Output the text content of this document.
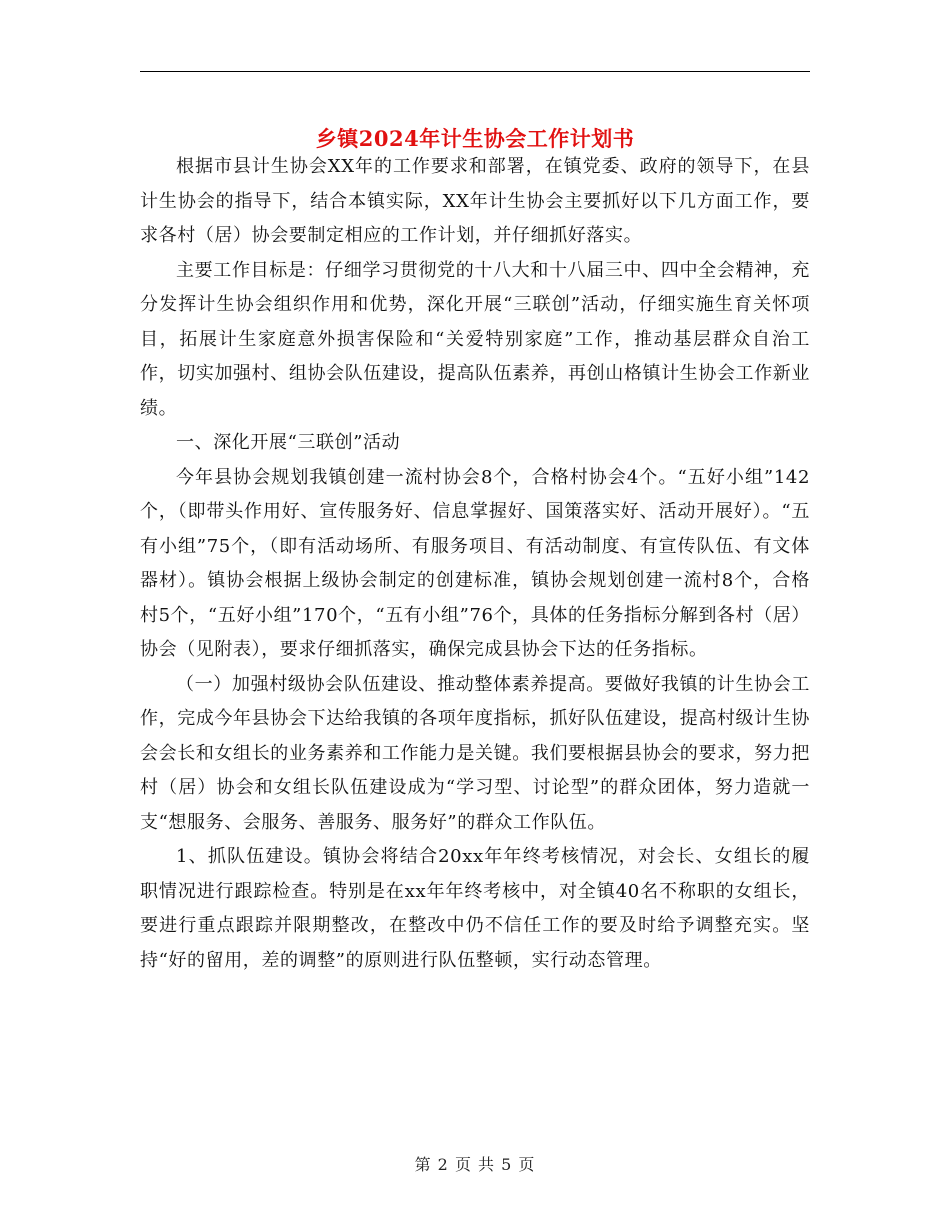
乡镇2024年计生协会工作计划书

根据市县计生协会XX年的工作要求和部署，在镇党委、政府的领导下，在县计生协会的指导下，结合本镇实际，XX年计生协会主要抓好以下几方面工作，要求各村（居）协会要制定相应的工作计划，并仔细抓好落实。

主要工作目标是：仔细学习贯彻党的十八大和十八届三中、四中全会精神，充分发挥计生协会组织作用和优势，深化开展“三联创”活动，仔细实施生育关怀项目，拓展计生家庭意外损害保险和“关爱特别家庭”工作，推动基层群众自治工作，切实加强村、组协会队伍建设，提高队伍素养，再创山格镇计生协会工作新业绩。

一、深化开展“三联创”活动

今年县协会规划我镇创建一流村协会8个，合格村协会4个。“五好小组”142个，（即带头作用好、宣传服务好、信息掌握好、国策落实好、活动开展好）。“五有小组”75个，（即有活动场所、有服务项目、有活动制度、有宣传队伍、有文体器材）。镇协会根据上级协会制定的创建标准，镇协会规划创建一流村8个，合格村5个，“五好小组”170个，“五有小组”76个，具体的任务指标分解到各村（居）协会（见附表），要求仔细抓落实，确保完成县协会下达的任务指标。

（一）加强村级协会队伍建设、推动整体素养提高。要做好我镇的计生协会工作，完成今年县协会下达给我镇的各项年度指标，抓好队伍建设，提高村级计生协会会长和女组长的业务素养和工作能力是关键。我们要根据县协会的要求，努力把村（居）协会和女组长队伍建设成为“学习型、讨论型”的群众团体，努力造就一支“想服务、会服务、善服务、服务好”的群众工作队伍。

1、抓队伍建设。镇协会将结合20xx年年终考核情况，对会长、女组长的履职情况进行跟踪检查。特别是在xx年年终考核中，对全镇40名不称职的女组长，要进行重点跟踪并限期整改，在整改中仍不信任工作的要及时给予调整充实。坚持“好的留用，差的调整”的原则进行队伍整顿，实行动态管理。

第 2 页 共 5 页
